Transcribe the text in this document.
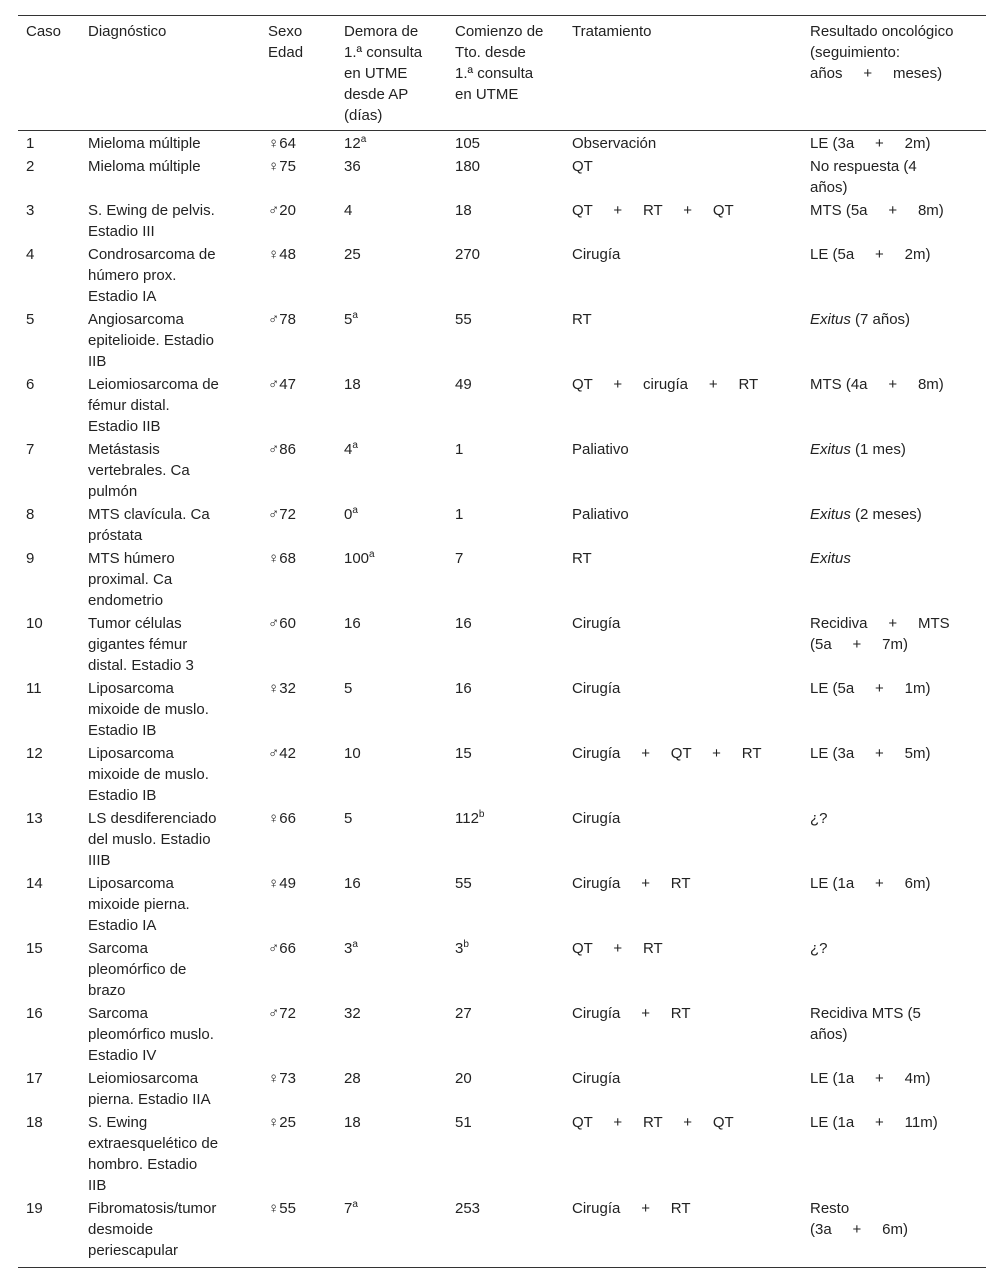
Caso	Diagnóstico	Sexo
Edad	Demora de
1.ª consulta
en UTME
desde AP
(días)	Comienzo de
Tto. desde
1.ª consulta
en UTME	Tratamiento	Resultado oncológico
(seguimiento:
años     +     meses)
1	Mieloma múltiple	♀64	12$^a$	105	Observación	LE (3a     +     2m)
2	Mieloma múltiple	♀75	36	180	QT	No respuesta (4
años)
3	S. Ewing de pelvis.
Estadio III	♂20	4	18	QT     +     RT     +     QT	MTS (5a     +     8m)
4	Condrosarcoma de
húmero prox.
Estadio IA	♀48	25	270	Cirugía	LE (5a     +     2m)
5	Angiosarcoma
epitelioide. Estadio
IIB	♂78	5$^a$	55	RT	Exitus (7 años)
6	Leiomiosarcoma de
fémur distal.
Estadio IIB	♂47	18	49	QT     +     cirugía     +     RT	MTS (4a     +     8m)
7	Metástasis
vertebrales. Ca
pulmón	♂86	4$^a$	1	Paliativo	Exitus (1 mes)
8	MTS clavícula. Ca
próstata	♂72	0$^a$	1	Paliativo	Exitus (2 meses)
9	MTS húmero
proximal. Ca
endometrio	♀68	100$^a$	7	RT	Exitus
10	Tumor células
gigantes fémur
distal. Estadio 3	♂60	16	16	Cirugía	Recidiva     +     MTS
(5a     +     7m)
11	Liposarcoma
mixoide de muslo.
Estadio IB	♀32	5	16	Cirugía	LE (5a     +     1m)
12	Liposarcoma
mixoide de muslo.
Estadio IB	♂42	10	15	Cirugía     +     QT     +     RT	LE (3a     +     5m)
13	LS desdiferenciado
del muslo. Estadio
IIIB	♀66	5	112$^b$	Cirugía	¿?
14	Liposarcoma
mixoide pierna.
Estadio IA	♀49	16	55	Cirugía     +     RT	LE (1a     +     6m)
15	Sarcoma
pleomórfico de
brazo	♂66	3$^a$	3$^b$	QT     +     RT	¿?
16	Sarcoma
pleomórfico muslo.
Estadio IV	♂72	32	27	Cirugía     +     RT	Recidiva MTS (5
años)
17	Leiomiosarcoma
pierna. Estadio IIA	♀73	28	20	Cirugía	LE (1a     +     4m)
18	S. Ewing
extraesquelético de
hombro. Estadio
IIB	♀25	18	51	QT     +     RT     +     QT	LE (1a     +     11m)
19	Fibromatosis/tumor
desmoide
periescapular	♀55	7$^a$	253	Cirugía     +     RT	Resto
(3a     +     6m)
